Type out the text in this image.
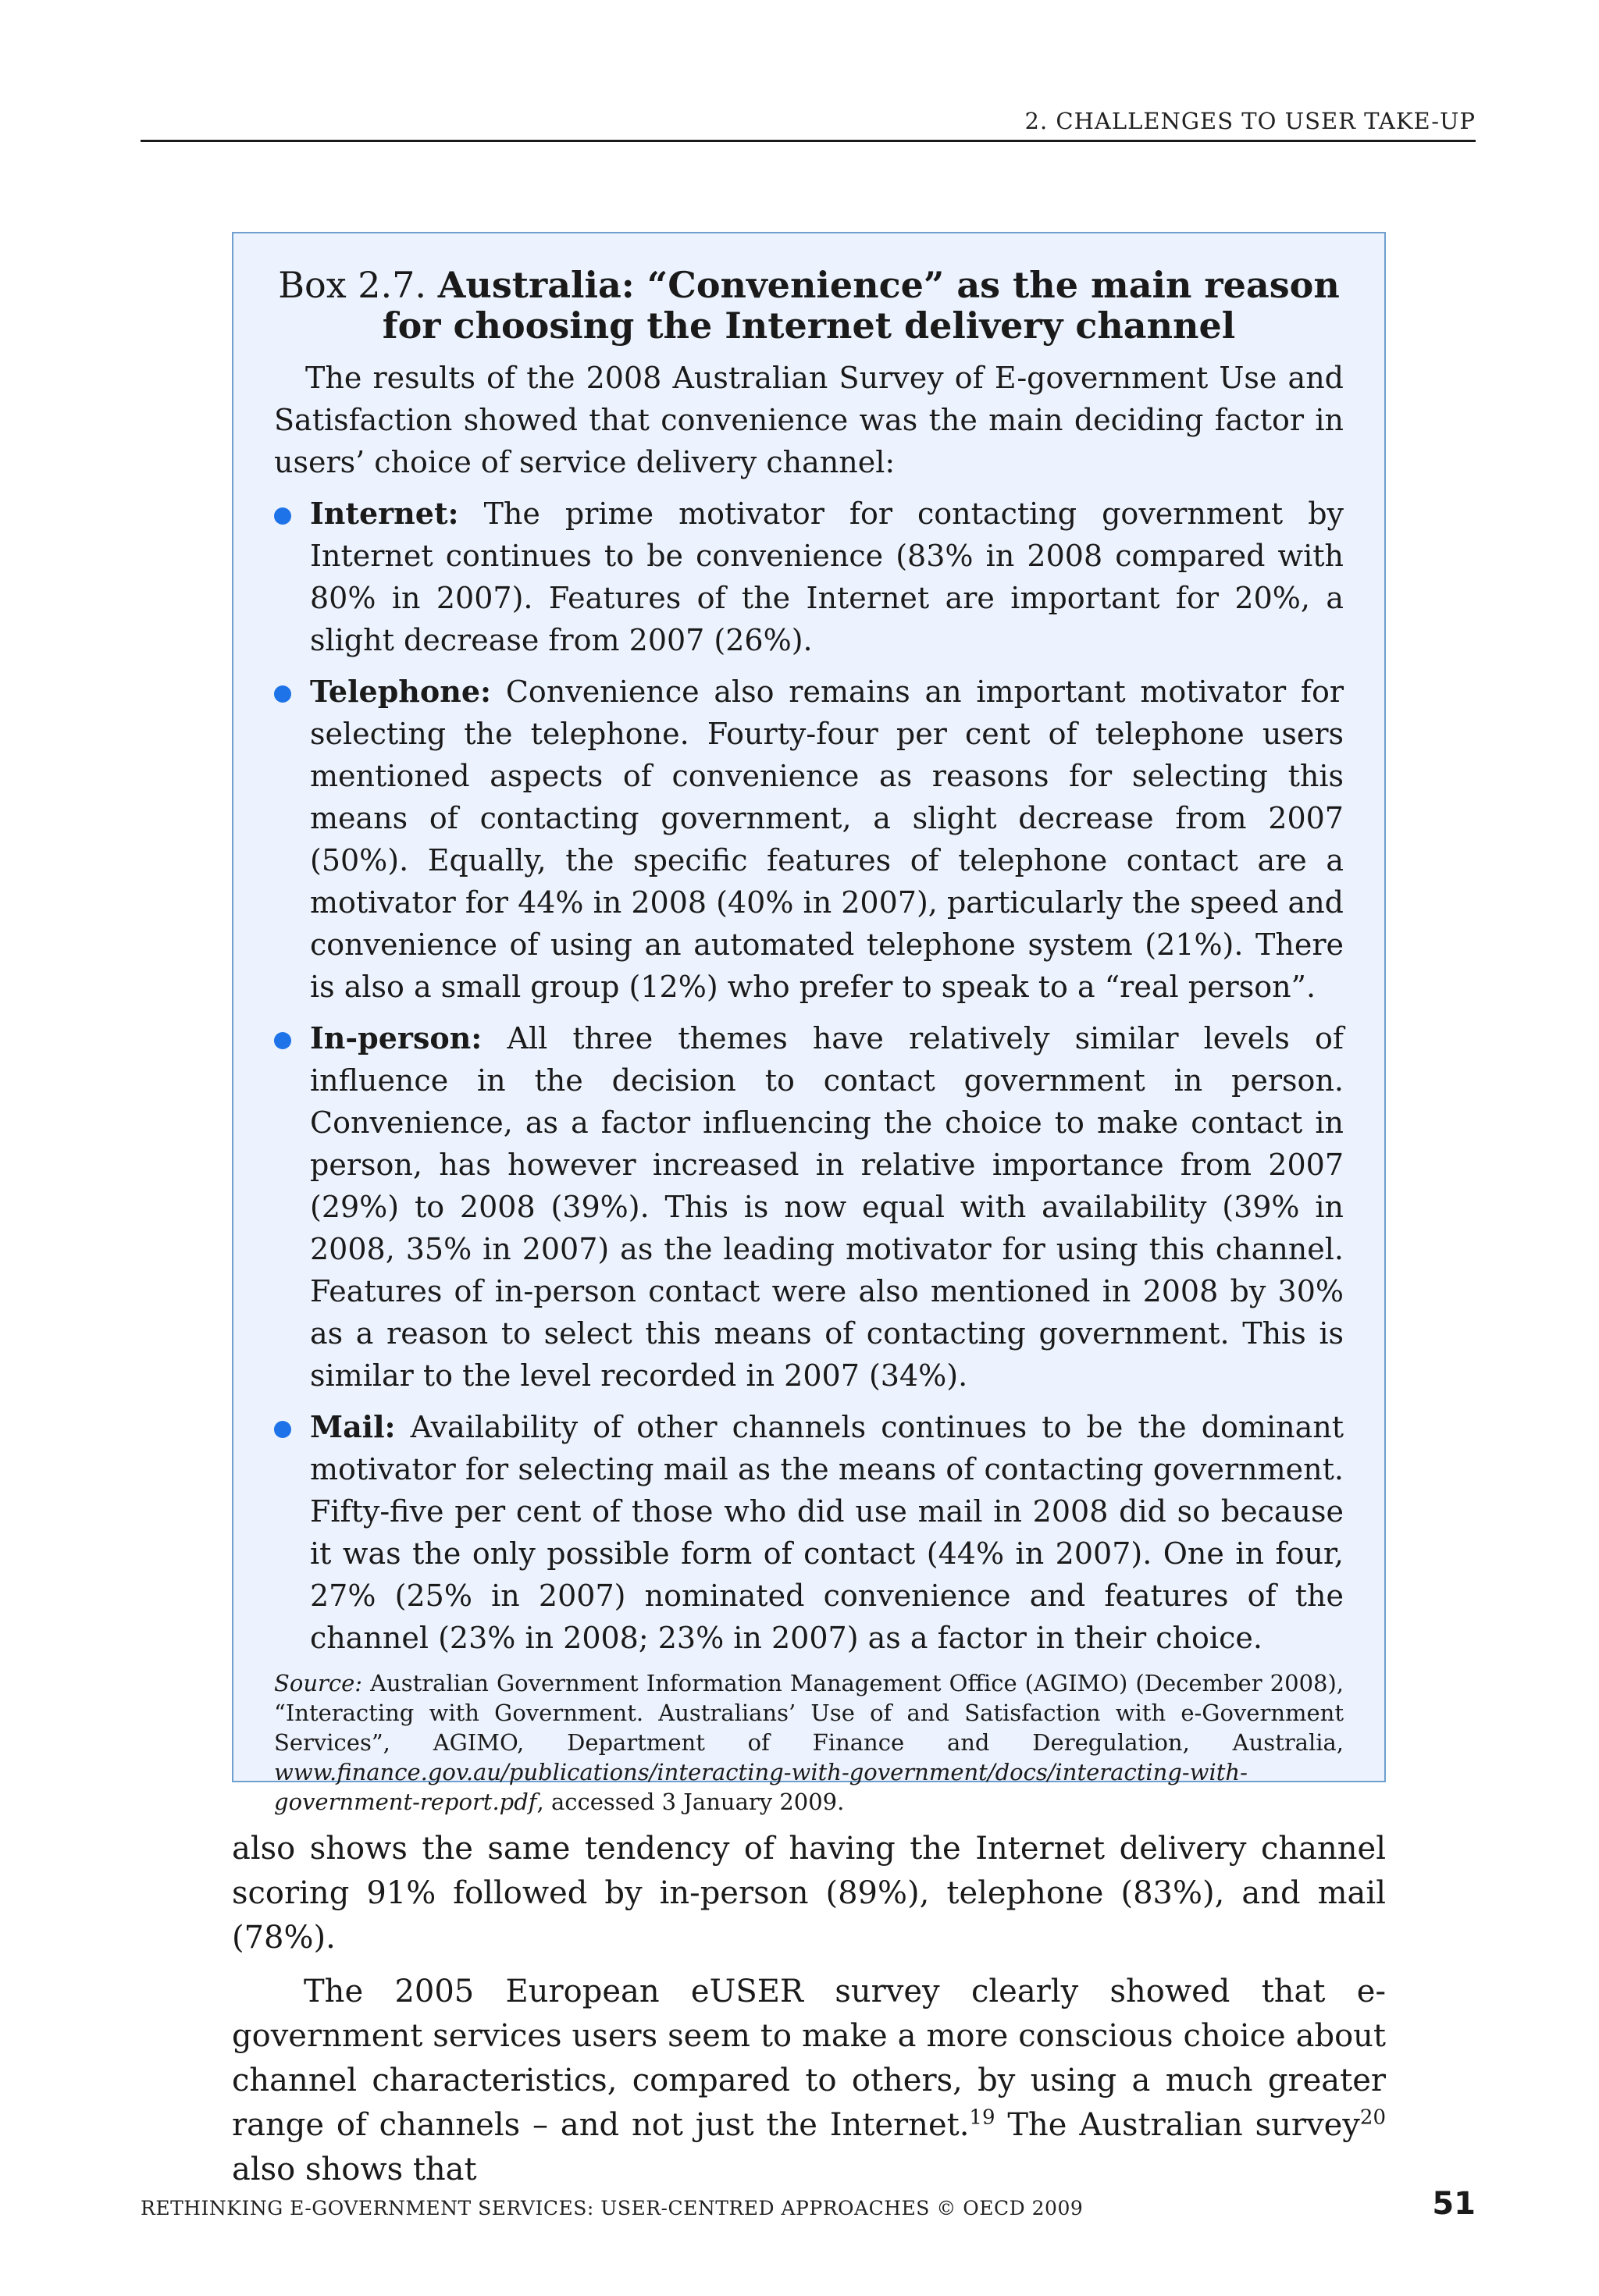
2. CHALLENGES TO USER TAKE-UP
Box 2.7. Australia: “Convenience” as the main reason
for choosing the Internet delivery channel

The results of the 2008 Australian Survey of E-government Use and Satisfaction showed that convenience was the main deciding factor in users’ choice of service delivery channel:

Internet: The prime motivator for contacting government by Internet continues to be convenience (83% in 2008 compared with 80% in 2007). Features of the Internet are important for 20%, a slight decrease from 2007 (26%).
Telephone: Convenience also remains an important motivator for selecting the telephone. Fourty-four per cent of telephone users mentioned aspects of convenience as reasons for selecting this means of contacting government, a slight decrease from 2007 (50%). Equally, the specific features of telephone contact are a motivator for 44% in 2008 (40% in 2007), particularly the speed and convenience of using an automated telephone system (21%). There is also a small group (12%) who prefer to speak to a “real person”.
In-person: All three themes have relatively similar levels of influence in the decision to contact government in person. Convenience, as a factor influencing the choice to make contact in person, has however increased in relative importance from 2007 (29%) to 2008 (39%). This is now equal with availability (39% in 2008, 35% in 2007) as the leading motivator for using this channel. Features of in-person contact were also mentioned in 2008 by 30% as a reason to select this means of contacting government. This is similar to the level recorded in 2007 (34%).
Mail: Availability of other channels continues to be the dominant motivator for selecting mail as the means of contacting government. Fifty-five per cent of those who did use mail in 2008 did so because it was the only possible form of contact (44% in 2007). One in four, 27% (25% in 2007) nominated convenience and features of the channel (23% in 2008; 23% in 2007) as a factor in their choice.
Source: Australian Government Information Management Office (AGIMO) (December 2008), “Interacting with Government. Australians’ Use of and Satisfaction with e-Government Services”, AGIMO, Department of Finance and Deregulation, Australia, www.finance.gov.au/publications/interacting-with-government/docs/interacting-with-government-report.pdf, accessed 3 January 2009.

also shows the same tendency of having the Internet delivery channel scoring 91% followed by in-person (89%), telephone (83%), and mail (78%).

The 2005 European eUSER survey clearly showed that e-government services users seem to make a more conscious choice about channel characteristics, compared to others, by using a much greater range of channels – and not just the Internet.$^{19}$ The Australian survey$^{20}$ also shows that

RETHINKING E-GOVERNMENT SERVICES: USER-CENTRED APPROACHES © OECD 2009	51
